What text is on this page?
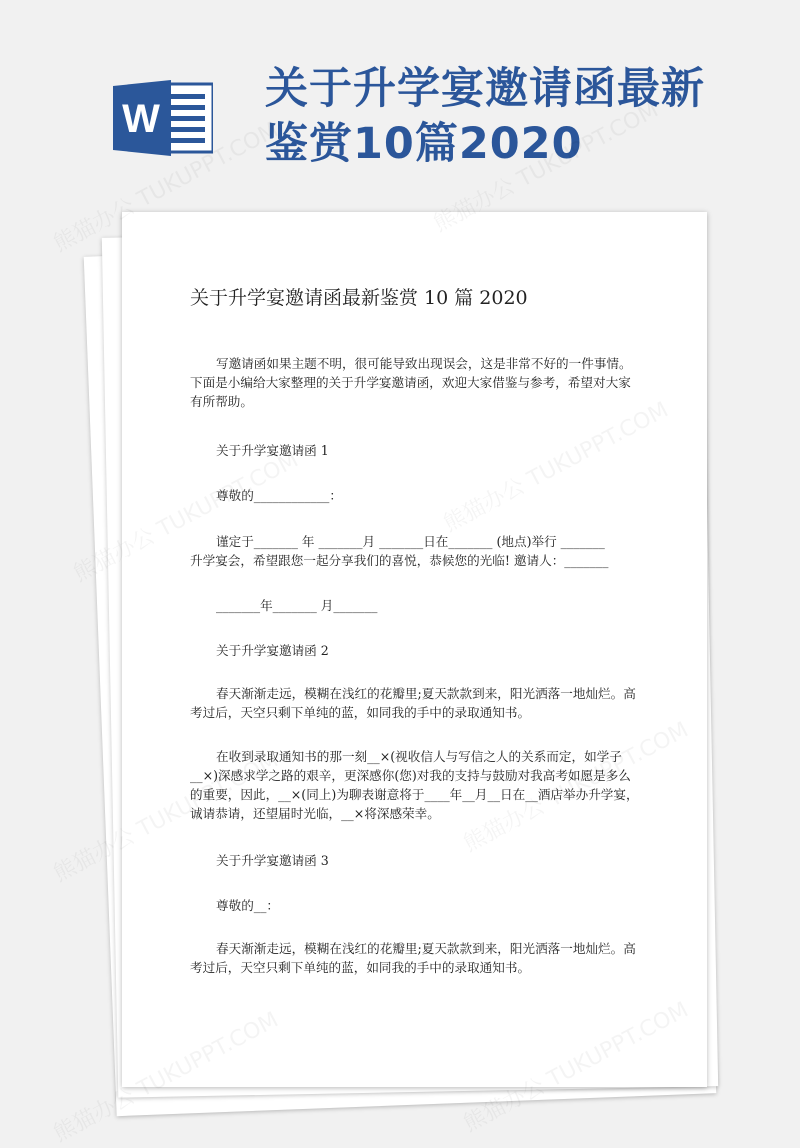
W
关于升学宴邀请函最新
鉴赏10篇2020
关于升学宴邀请函最新鉴赏 10 篇 2020
写邀请函如果主题不明，很可能导致出现误会，这是非常不好的一件事情。下面是小编给大家整理的关于升学宴邀请函，欢迎大家借鉴与参考，希望对大家有所帮助。
关于升学宴邀请函 1
尊敬的____________：
谨定于_______ 年 _______月 _______日在_______ (地点)举行 _______
升学宴会，希望跟您一起分享我们的喜悦，恭候您的光临! 邀请人：_______
_______年_______ 月_______
关于升学宴邀请函 2
春天渐渐走远，模糊在浅红的花瓣里;夏天款款到来，阳光洒落一地灿烂。高考过后，天空只剩下单纯的蓝，如同我的手中的录取通知书。
在收到录取通知书的那一刻__×(视收信人与写信之人的关系而定，如学子__×)深感求学之路的艰辛，更深感你(您)对我的支持与鼓励对我高考如愿是多么的重要，因此，__×(同上)为聊表谢意将于____年__月__日在__酒店举办升学宴，诚请恭请，还望届时光临，__×将深感荣幸。
关于升学宴邀请函 3
尊敬的__：
春天渐渐走远，模糊在浅红的花瓣里;夏天款款到来，阳光洒落一地灿烂。高考过后，天空只剩下单纯的蓝，如同我的手中的录取通知书。
